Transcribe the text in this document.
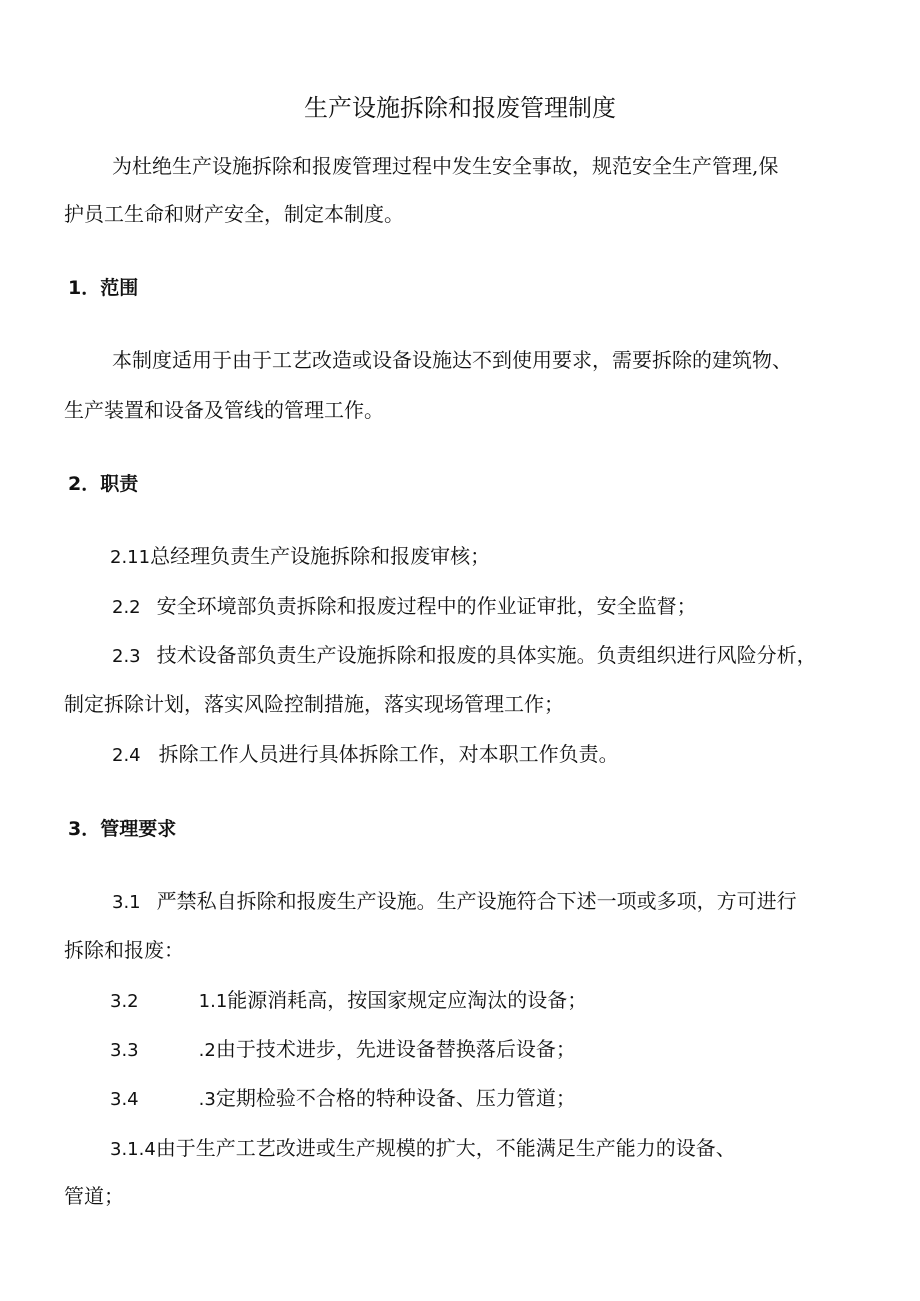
生产设施拆除和报废管理制度
为杜绝生产设施拆除和报废管理过程中发生安全事故，规范安全生产管理,保
护员工生命和财产安全，制定本制度。
1．范围
本制度适用于由于工艺改造或设备设施达不到使用要求，需要拆除的建筑物、
生产装置和设备及管线的管理工作。
2．职责
2.11总经理负责生产设施拆除和报废审核；
2.2 安全环境部负责拆除和报废过程中的作业证审批，安全监督；
2.3 技术设备部负责生产设施拆除和报废的具体实施。负责组织进行风险分析，
制定拆除计划，落实风险控制措施，落实现场管理工作；
2.4 拆除工作人员进行具体拆除工作，对本职工作负责。
3．管理要求
3.1 严禁私自拆除和报废生产设施。生产设施符合下述一项或多项，方可进行
拆除和报废：
3.2	1.1能源消耗高，按国家规定应淘汰的设备；
3.3	.2由于技术进步，先进设备替换落后设备；
3.4	.3定期检验不合格的特种设备、压力管道；
3.1.4由于生产工艺改进或生产规模的扩大，不能满足生产能力的设备、
管道；
